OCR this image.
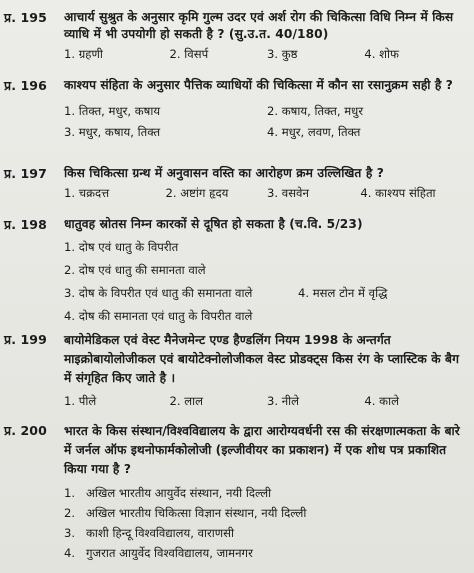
प्र. 195	आचार्य सुश्रुत के अनुसार कृमि गुल्म उदर एवं अर्श रोग की चिकित्सा विधि निम्न में किस व्याधि में भी उपयोगी हो सकती है ? (सु.उ.त. 40/180)
1. ग्रहणी	2. विसर्प	3. कुष्ठ	4. शोफ
प्र. 196	काश्यप संहिता के अनुसार पैत्तिक व्याधियों की चिकित्सा में कौन सा रसानुक्रम सही है ?
1. तिक्त, मधुर, कषाय	2. कषाय, तिक्त, मधुर
3. मधुर, कषाय, तिक्त	4. मधुर, लवण, तिक्त
प्र. 197	किस चिकित्सा ग्रन्थ में अनुवासन वस्ति का आरोहण क्रम उल्लिखित है ?
1. चक्रदत्त	2. अष्टांग हृदय	3. वसवेन	4. काश्यप संहिता
प्र. 198	धातुवह स्रोतस निम्न कारकों से दूषित हो सकता है (च.वि. 5/23)
1. दोष एवं धातु के विपरीत
2. दोष एवं धातु की समानता वाले
3. दोष के विपरीत एवं धातु की समानता वाले	4. मसल टोन में वृद्धि
4. दोष की समानता एवं धातु के विपरीत वाले
प्र. 199	बायोमेडिकल एवं वेस्ट मैनेजमेन्ट एण्ड हैण्डलिंग नियम 1998 के अन्तर्गत माइक्रोबायोलोजीकल एवं बायोटेक्नोलोजीकल वेस्ट प्रोडक्ट्स किस रंग के प्लास्टिक के बैग में संगृहित किए जाते है ।
1. पीले	2. लाल	3. नीले	4. काले
प्र. 200	भारत के किस संस्थान/विश्वविद्यालय के द्वारा आरोग्यवर्धनी रस की संरक्षणात्मकता के बारे में जर्नल ऑफ इथनोफार्मकोलोजी (इल्जीवीयर का प्रकाशन) में एक शोध पत्र प्रकाशित किया गया है ?
1. अखिल भारतीय आयुर्वेद संस्थान, नयी दिल्ली
2. अखिल भारतीय चिकित्सा विज्ञान संस्थान, नयी दिल्ली
3. काशी हिन्दू विश्वविद्यालय, वाराणसी
4. गुजरात आयुर्वेद विश्वविद्यालय, जामनगर
